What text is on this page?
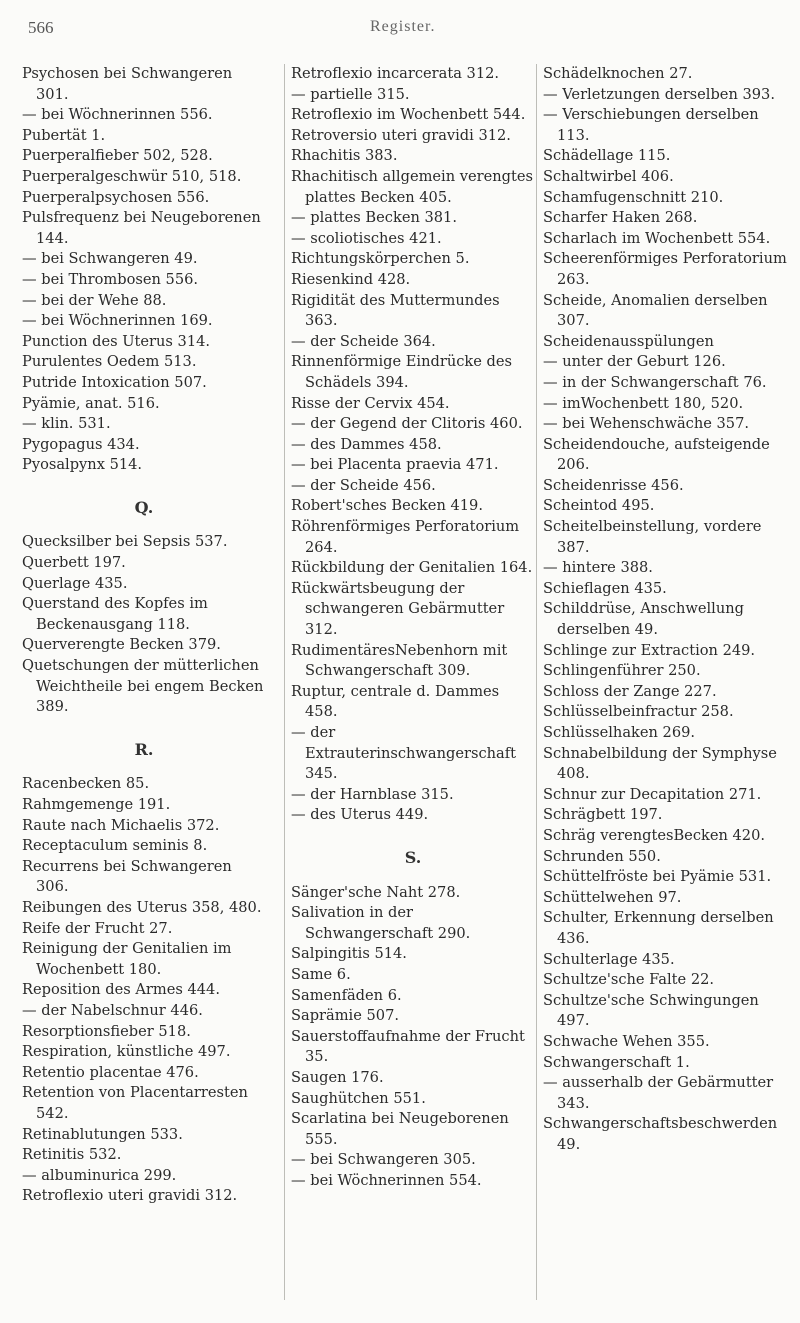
566	Register.

Psychosen bei Schwangeren 301.

— bei Wöchnerinnen 556.

Pubertät 1.

Puerperalfieber 502, 528.

Puerperalgeschwür 510, 518.

Puerperalpsychosen 556.

Pulsfrequenz bei Neugeborenen 144.

— bei Schwangeren 49.

— bei Thrombosen 556.

— bei der Wehe 88.

— bei Wöchnerinnen 169.

Punction des Uterus 314.

Purulentes Oedem 513.

Putride Intoxication 507.

Pyämie, anat. 516.

— klin. 531.

Pygopagus 434.

Pyosalpynx 514.

Q.

Quecksilber bei Sepsis 537.

Querbett 197.

Querlage 435.

Querstand des Kopfes im Beckenausgang 118.

Querverengte Becken 379.

Quetschungen der mütterlichen Weichtheile bei engem Becken 389.

R.

Racenbecken 85.

Rahmgemenge 191.

Raute nach Michaelis 372.

Receptaculum seminis 8.

Recurrens bei Schwangeren 306.

Reibungen des Uterus 358, 480.

Reife der Frucht 27.

Reinigung der Genitalien im Wochenbett 180.

Reposition des Armes 444.

— der Nabelschnur 446.

Resorptionsfieber 518.

Respiration, künstliche 497.

Retentio placentae 476.

Retention von Placentarresten 542.

Retinablutungen 533.

Retinitis 532.

— albuminurica 299.

Retroflexio uteri gravidi 312.

Retroflexio incarcerata 312.

— partielle 315.

Retroflexio im Wochenbett 544.

Retroversio uteri gravidi 312.

Rhachitis 383.

Rhachitisch allgemein verengtes plattes Becken 405.

— plattes Becken 381.

— scoliotisches 421.

Richtungskörperchen 5.

Riesenkind 428.

Rigidität des Muttermundes 363.

— der Scheide 364.

Rinnenförmige Eindrücke des Schädels 394.

Risse der Cervix 454.

— der Gegend der Clitoris 460.

— des Dammes 458.

— bei Placenta praevia 471.

— der Scheide 456.

Robert'sches Becken 419.

Röhrenförmiges Perforatorium 264.

Rückbildung der Genitalien 164.

Rückwärtsbeugung der schwangeren Gebärmutter 312.

RudimentäresNebenhorn mit Schwangerschaft 309.

Ruptur, centrale d. Dammes 458.

— der Extrauterinschwangerschaft 345.

— der Harnblase 315.

— des Uterus 449.

S.

Sänger'sche Naht 278.

Salivation in der Schwangerschaft 290.

Salpingitis 514.

Same 6.

Samenfäden 6.

Saprämie 507.

Sauerstoffaufnahme der Frucht 35.

Saugen 176.

Saughütchen 551.

Scarlatina bei Neugeborenen 555.

— bei Schwangeren 305.

— bei Wöchnerinnen 554.

Schädelknochen 27.

— Verletzungen derselben 393.

— Verschiebungen derselben 113.

Schädellage 115.

Schaltwirbel 406.

Schamfugenschnitt 210.

Scharfer Haken 268.

Scharlach im Wochenbett 554.

Scheerenförmiges Perforatorium 263.

Scheide, Anomalien derselben 307.

Scheidenausspülungen

— unter der Geburt 126.

— in der Schwangerschaft 76.

— imWochenbett 180, 520.

— bei Wehenschwäche 357.

Scheidendouche, aufsteigende 206.

Scheidenrisse 456.

Scheintod 495.

Scheitelbeinstellung, vordere 387.

— hintere 388.

Schieflagen 435.

Schilddrüse, Anschwellung derselben 49.

Schlinge zur Extraction 249.

Schlingenführer 250.

Schloss der Zange 227.

Schlüsselbeinfractur 258.

Schlüsselhaken 269.

Schnabelbildung der Symphyse 408.

Schnur zur Decapitation 271.

Schrägbett 197.

Schräg verengtesBecken 420.

Schrunden 550.

Schüttelfröste bei Pyämie 531.

Schüttelwehen 97.

Schulter, Erkennung derselben 436.

Schulterlage 435.

Schultze'sche Falte 22.

Schultze'sche Schwingungen 497.

Schwache Wehen 355.

Schwangerschaft 1.

— ausserhalb der Gebärmutter 343.

Schwangerschaftsbeschwerden 49.
